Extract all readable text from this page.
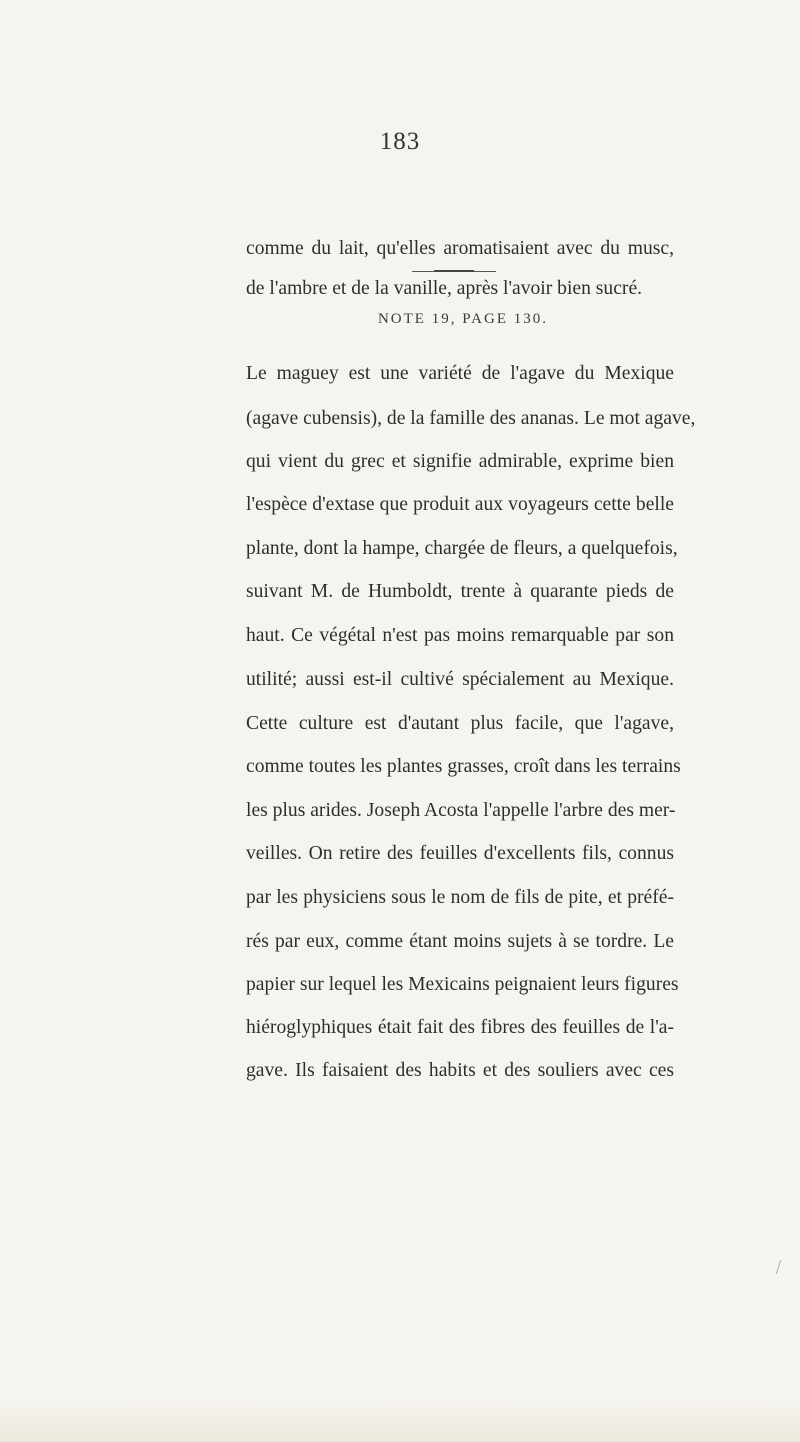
183

comme du lait, qu'elles aromatisaient avec du musc,

de l'ambre et de la vanille, après l'avoir bien sucré.

NOTE 19, PAGE 130.

Le maguey est une variété de l'agave du Mexique

(agave cubensis), de la famille des ananas. Le mot agave,

qui vient du grec et signifie admirable, exprime bien

l'espèce d'extase que produit aux voyageurs cette belle

plante, dont la hampe, chargée de fleurs, a quelquefois,

suivant M. de Humboldt, trente à quarante pieds de

haut. Ce végétal n'est pas moins remarquable par son

utilité; aussi est-il cultivé spécialement au Mexique.

Cette culture est d'autant plus facile, que l'agave,

comme toutes les plantes grasses, croît dans les terrains

les plus arides. Joseph Acosta l'appelle l'arbre des mer-

veilles. On retire des feuilles d'excellents fils, connus

par les physiciens sous le nom de fils de pite, et préfé-

rés par eux, comme étant moins sujets à se tordre. Le

papier sur lequel les Mexicains peignaient leurs figures

hiéroglyphiques était fait des fibres des feuilles de l'a-

gave. Ils faisaient des habits et des souliers avec ces
